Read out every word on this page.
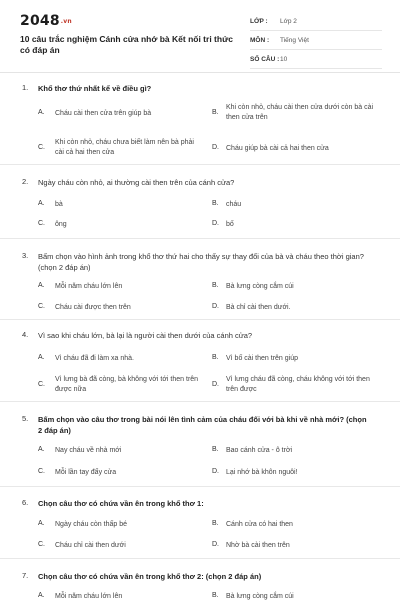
2048.vn
10 câu trắc nghiệm Cánh cửa nhớ bà Kết nối tri thức có đáp án
LỚP :	Lớp 2
MÔN :	Tiếng Việt
SỐ CÂU : 10
1. Khổ thơ thứ nhất kể về điều gì?
A. Cháu cài then cửa trên giúp bà	B.
Khi còn nhỏ, cháu cài then cửa dưới còn bà cài then cửa trên
C.
Khi còn nhỏ, cháu chưa biết làm nên bà phải cài cả hai then cửa
D. Cháu giúp bà cài cả hai then cửa
2. Ngày cháu còn nhỏ, ai thường cài then trên của cánh cửa?
A. bà	B. cháu
C. ông	D. bố
3. Bấm chọn vào hình ảnh trong khổ thơ thứ hai cho thấy sự thay đổi của bà và cháu theo thời gian? (chọn 2 đáp án)
A. Mỗi năm cháu lớn lên	B. Bà lưng còng cắm cúi
C. Cháu cài được then trên	D. Bà chỉ cài then dưới.
4. Vì sao khi cháu lớn, bà lại là người cài then dưới của cánh cửa?
A. Vì cháu đã đi làm xa nhà.	B. Vì bố cài then trên giúp
C.
Vì lưng bà đã còng, bà không với tới then trên được nữa
D.
Vì lưng cháu đã còng, cháu không với tới then trên được
5. Bấm chọn vào câu thơ trong bài nói lên tình cảm của cháu đối với bà khi về nhà mới? (chọn 2 đáp án)
A. Nay cháu về nhà mới	B. Bao cánh cửa - ô trời
C. Mỗi lần tay đẩy cửa	D. Lại nhớ bà khôn nguôi!
6. Chọn câu thơ có chứa vần ên trong khổ thơ 1:
A. Ngày cháu còn thấp bé	B. Cánh cửa có hai then
C. Cháu chỉ cài then dưới	D. Nhờ bà cài then trên
7. Chọn câu thơ có chứa vần ên trong khổ thơ 2: (chọn 2 đáp án)
A. Mỗi năm cháu lớn lên	B. Bà lưng còng cắm cúi
